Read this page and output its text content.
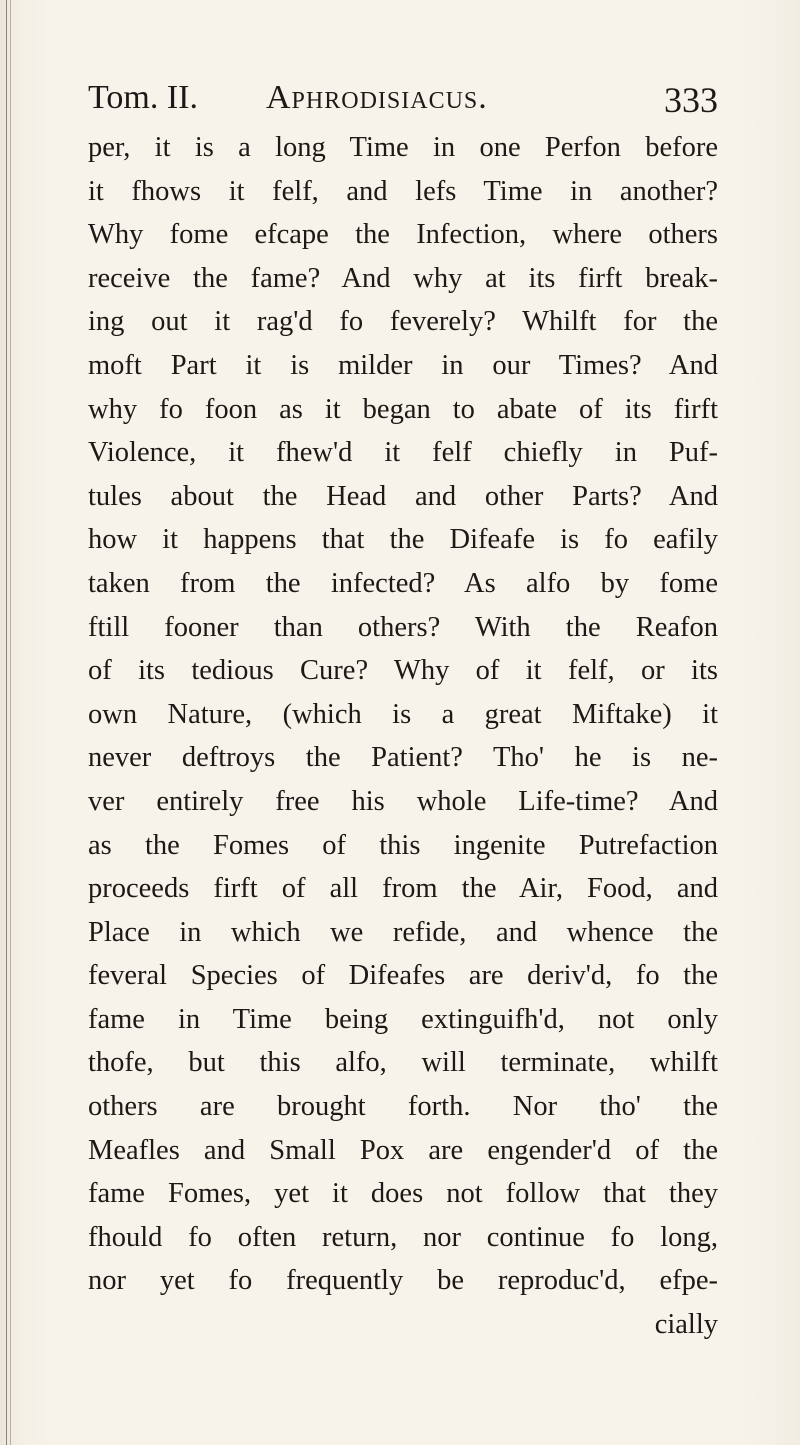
Tom. II. Aphrodisiacus.	333
per, it is a long Time in one Perfon before
it fhows it felf, and lefs Time in another?
Why fome efcape the Infection, where others
receive the fame? And why at its firft break-
ing out it rag'd fo feverely? Whilft for the
moft Part it is milder in our Times? And
why fo foon as it began to abate of its firft
Violence, it fhew'd it felf chiefly in Puf-
tules about the Head and other Parts? And
how it happens that the Difeafe is fo eafily
taken from the infected? As alfo by fome
ftill fooner than others? With the Reafon
of its tedious Cure? Why of it felf, or its
own Nature, (which is a great Miftake) it
never deftroys the Patient? Tho' he is ne-
ver entirely free his whole Life-time? And
as the Fomes of this ingenite Putrefaction
proceeds firft of all from the Air, Food, and
Place in which we refide, and whence the
feveral Species of Difeafes are deriv'd, fo the
fame in Time being extinguifh'd, not only
thofe, but this alfo, will terminate, whilft
others are brought forth. Nor tho' the
Meafles and Small Pox are engender'd of the
fame Fomes, yet it does not follow that they
fhould fo often return, nor continue fo long,
nor yet fo frequently be reproduc'd, efpe-
cially
